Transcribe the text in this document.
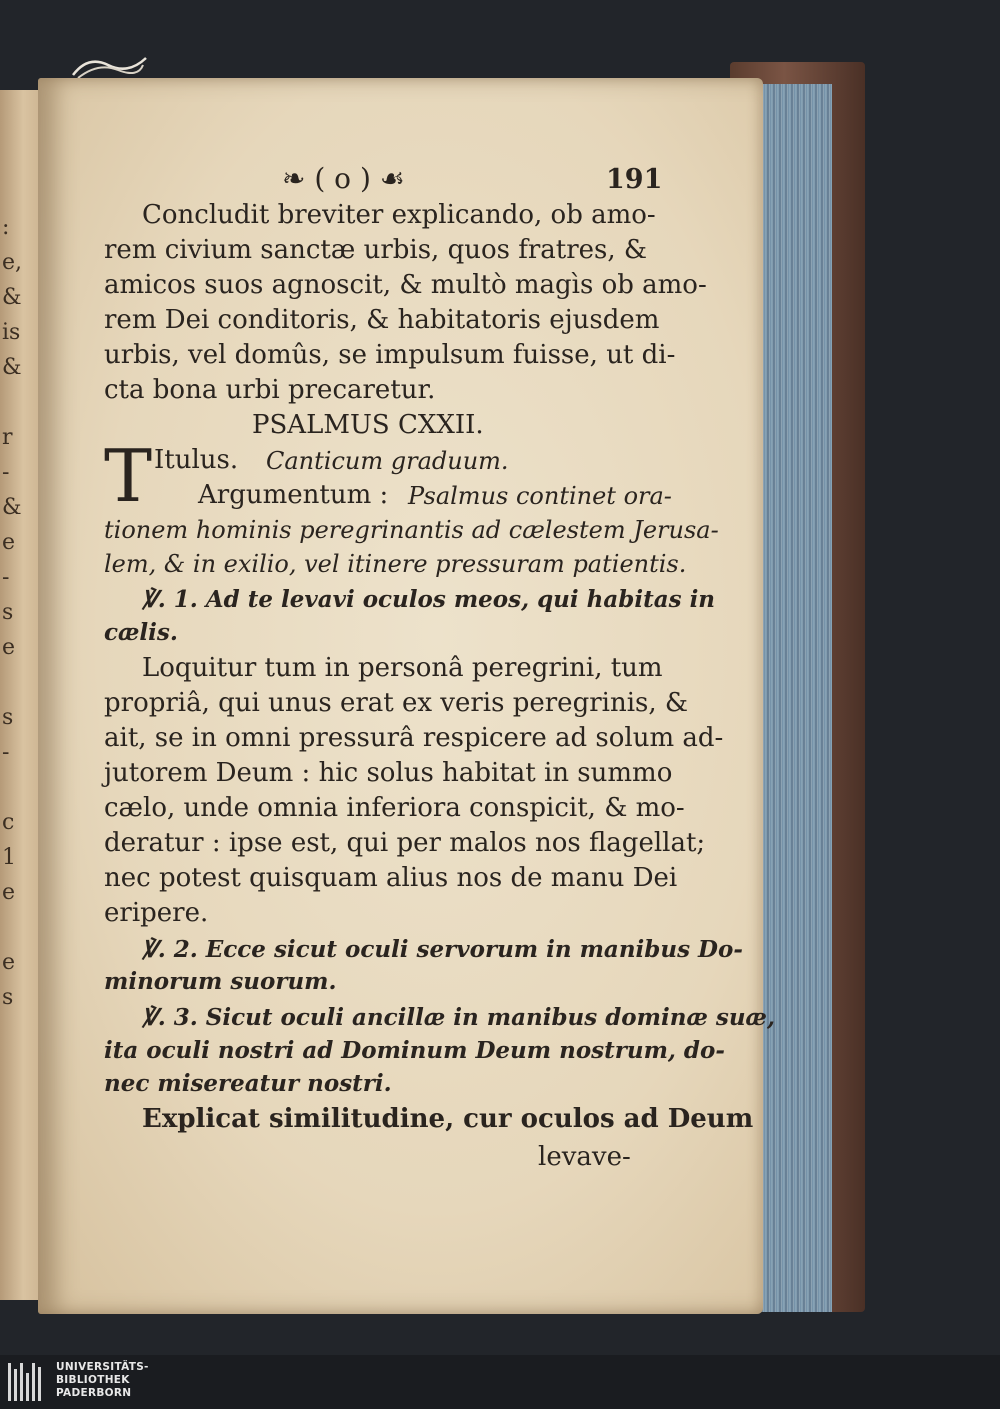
:
e,
&
is
&
r
-
&
e
-
s
e
s
-
c
1
e
e
s
❧ ( o ) ☙	191
Concludit breviter explicando, ob amo-
rem civium sanctæ urbis, quos fratres, &
amicos suos agnoscit, & multò magìs ob amo-
rem Dei conditoris, & habitatoris ejusdem
urbis, vel domûs, se impulsum fuisse, ut di-
cta bona urbi precaretur.
PSALMUS CXXII.
T Itulus. Canticum graduum.
Argumentum : Psalmus continet ora-
tionem hominis peregrinantis ad cælestem Jerusa-
lem, & in exilio, vel itinere pressuram patientis.
℣. 1. Ad te levavi oculos meos, qui habitas in
cælis.
Loquitur tum in personâ peregrini, tum
propriâ, qui unus erat ex veris peregrinis, &
ait, se in omni pressurâ respicere ad solum ad-
jutorem Deum : hic solus habitat in summo
cælo, unde omnia inferiora conspicit, & mo-
deratur : ipse est, qui per malos nos flagellat;
nec potest quisquam alius nos de manu Dei
eripere.
℣. 2. Ecce sicut oculi servorum in manibus Do-
minorum suorum.
℣. 3. Sicut oculi ancillæ in manibus dominæ suæ,
ita oculi nostri ad Dominum Deum nostrum, do-
nec misereatur nostri.
Explicat similitudine, cur oculos ad Deum
levave-
UNIVERSITÄTS-
BIBLIOTHEK
PADERBORN
